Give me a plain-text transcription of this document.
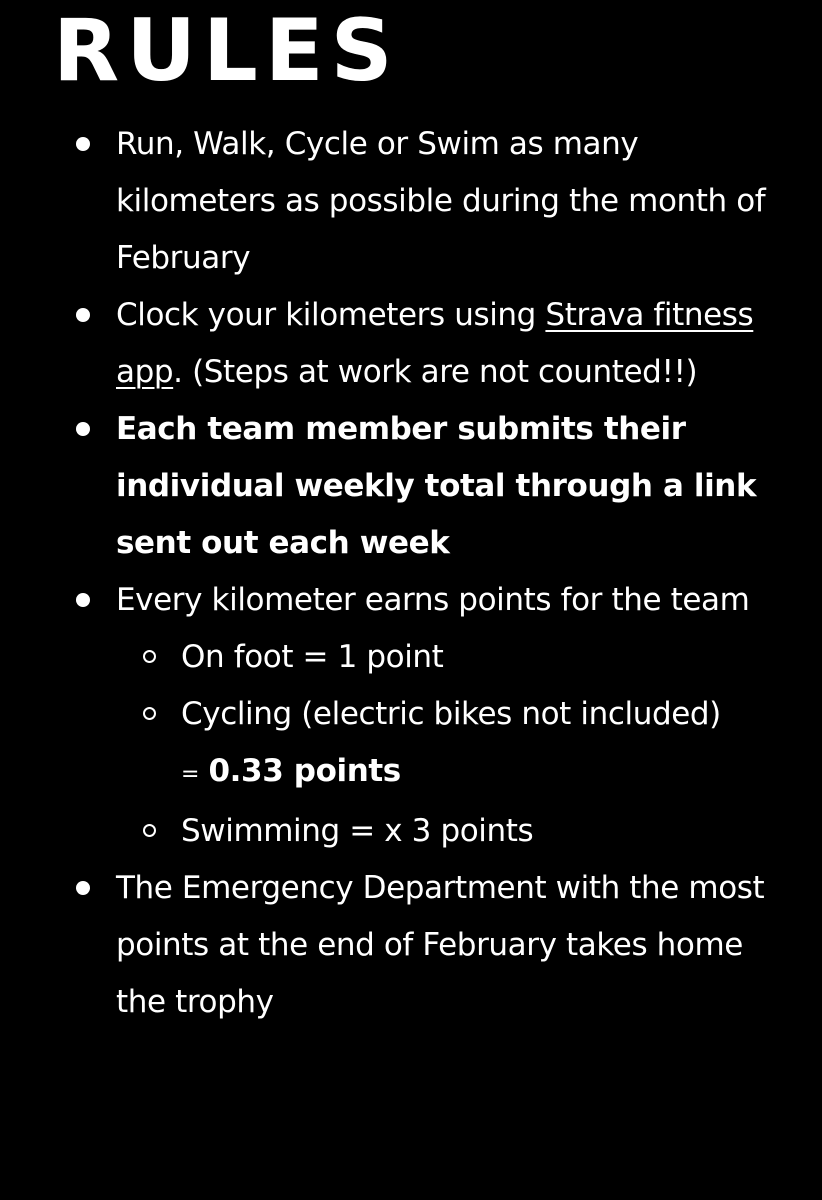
RULES
Run, Walk, Cycle or Swim as many kilometers as possible during the month of February
Clock your kilometers using Strava fitness app. (Steps at work are not counted!!)
Each team member submits their individual weekly total through a link sent out each week
Every kilometer earns points for the team
On foot = 1 point
Cycling (electric bikes not included)
= 0.33 points
Swimming = x 3 points
The Emergency Department with the most points at the end of February takes home the trophy
